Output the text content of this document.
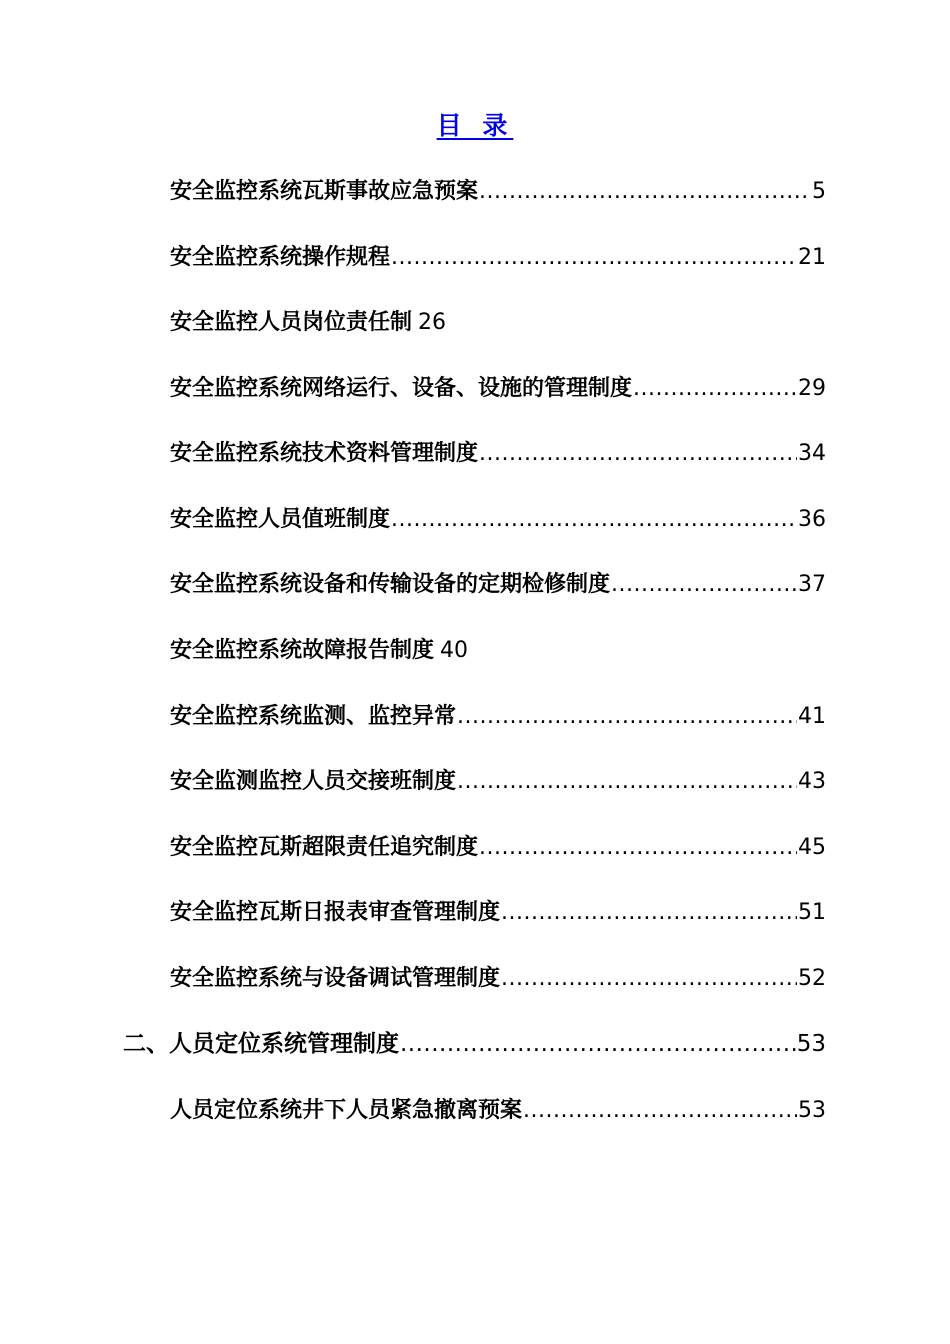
目 录
安全监控系统瓦斯事故应急预案 .....	5
安全监控系统操作规程 .....	21
安全监控人员岗位责任制 26
安全监控系统网络运行、设备、设施的管理制度 .....	29
安全监控系统技术资料管理制度 .....	34
安全监控人员值班制度 .....	36
安全监控系统设备和传输设备的定期检修制度 .....	37
安全监控系统故障报告制度 40
安全监控系统监测、监控异常 .....	41
安全监测监控人员交接班制度 .....	43
安全监控瓦斯超限责任追究制度 .....	45
安全监控瓦斯日报表审查管理制度 .....	51
安全监控系统与设备调试管理制度 .....	52
二、人员定位系统管理制度 .....	53
人员定位系统井下人员紧急撤离预案 .....	53
